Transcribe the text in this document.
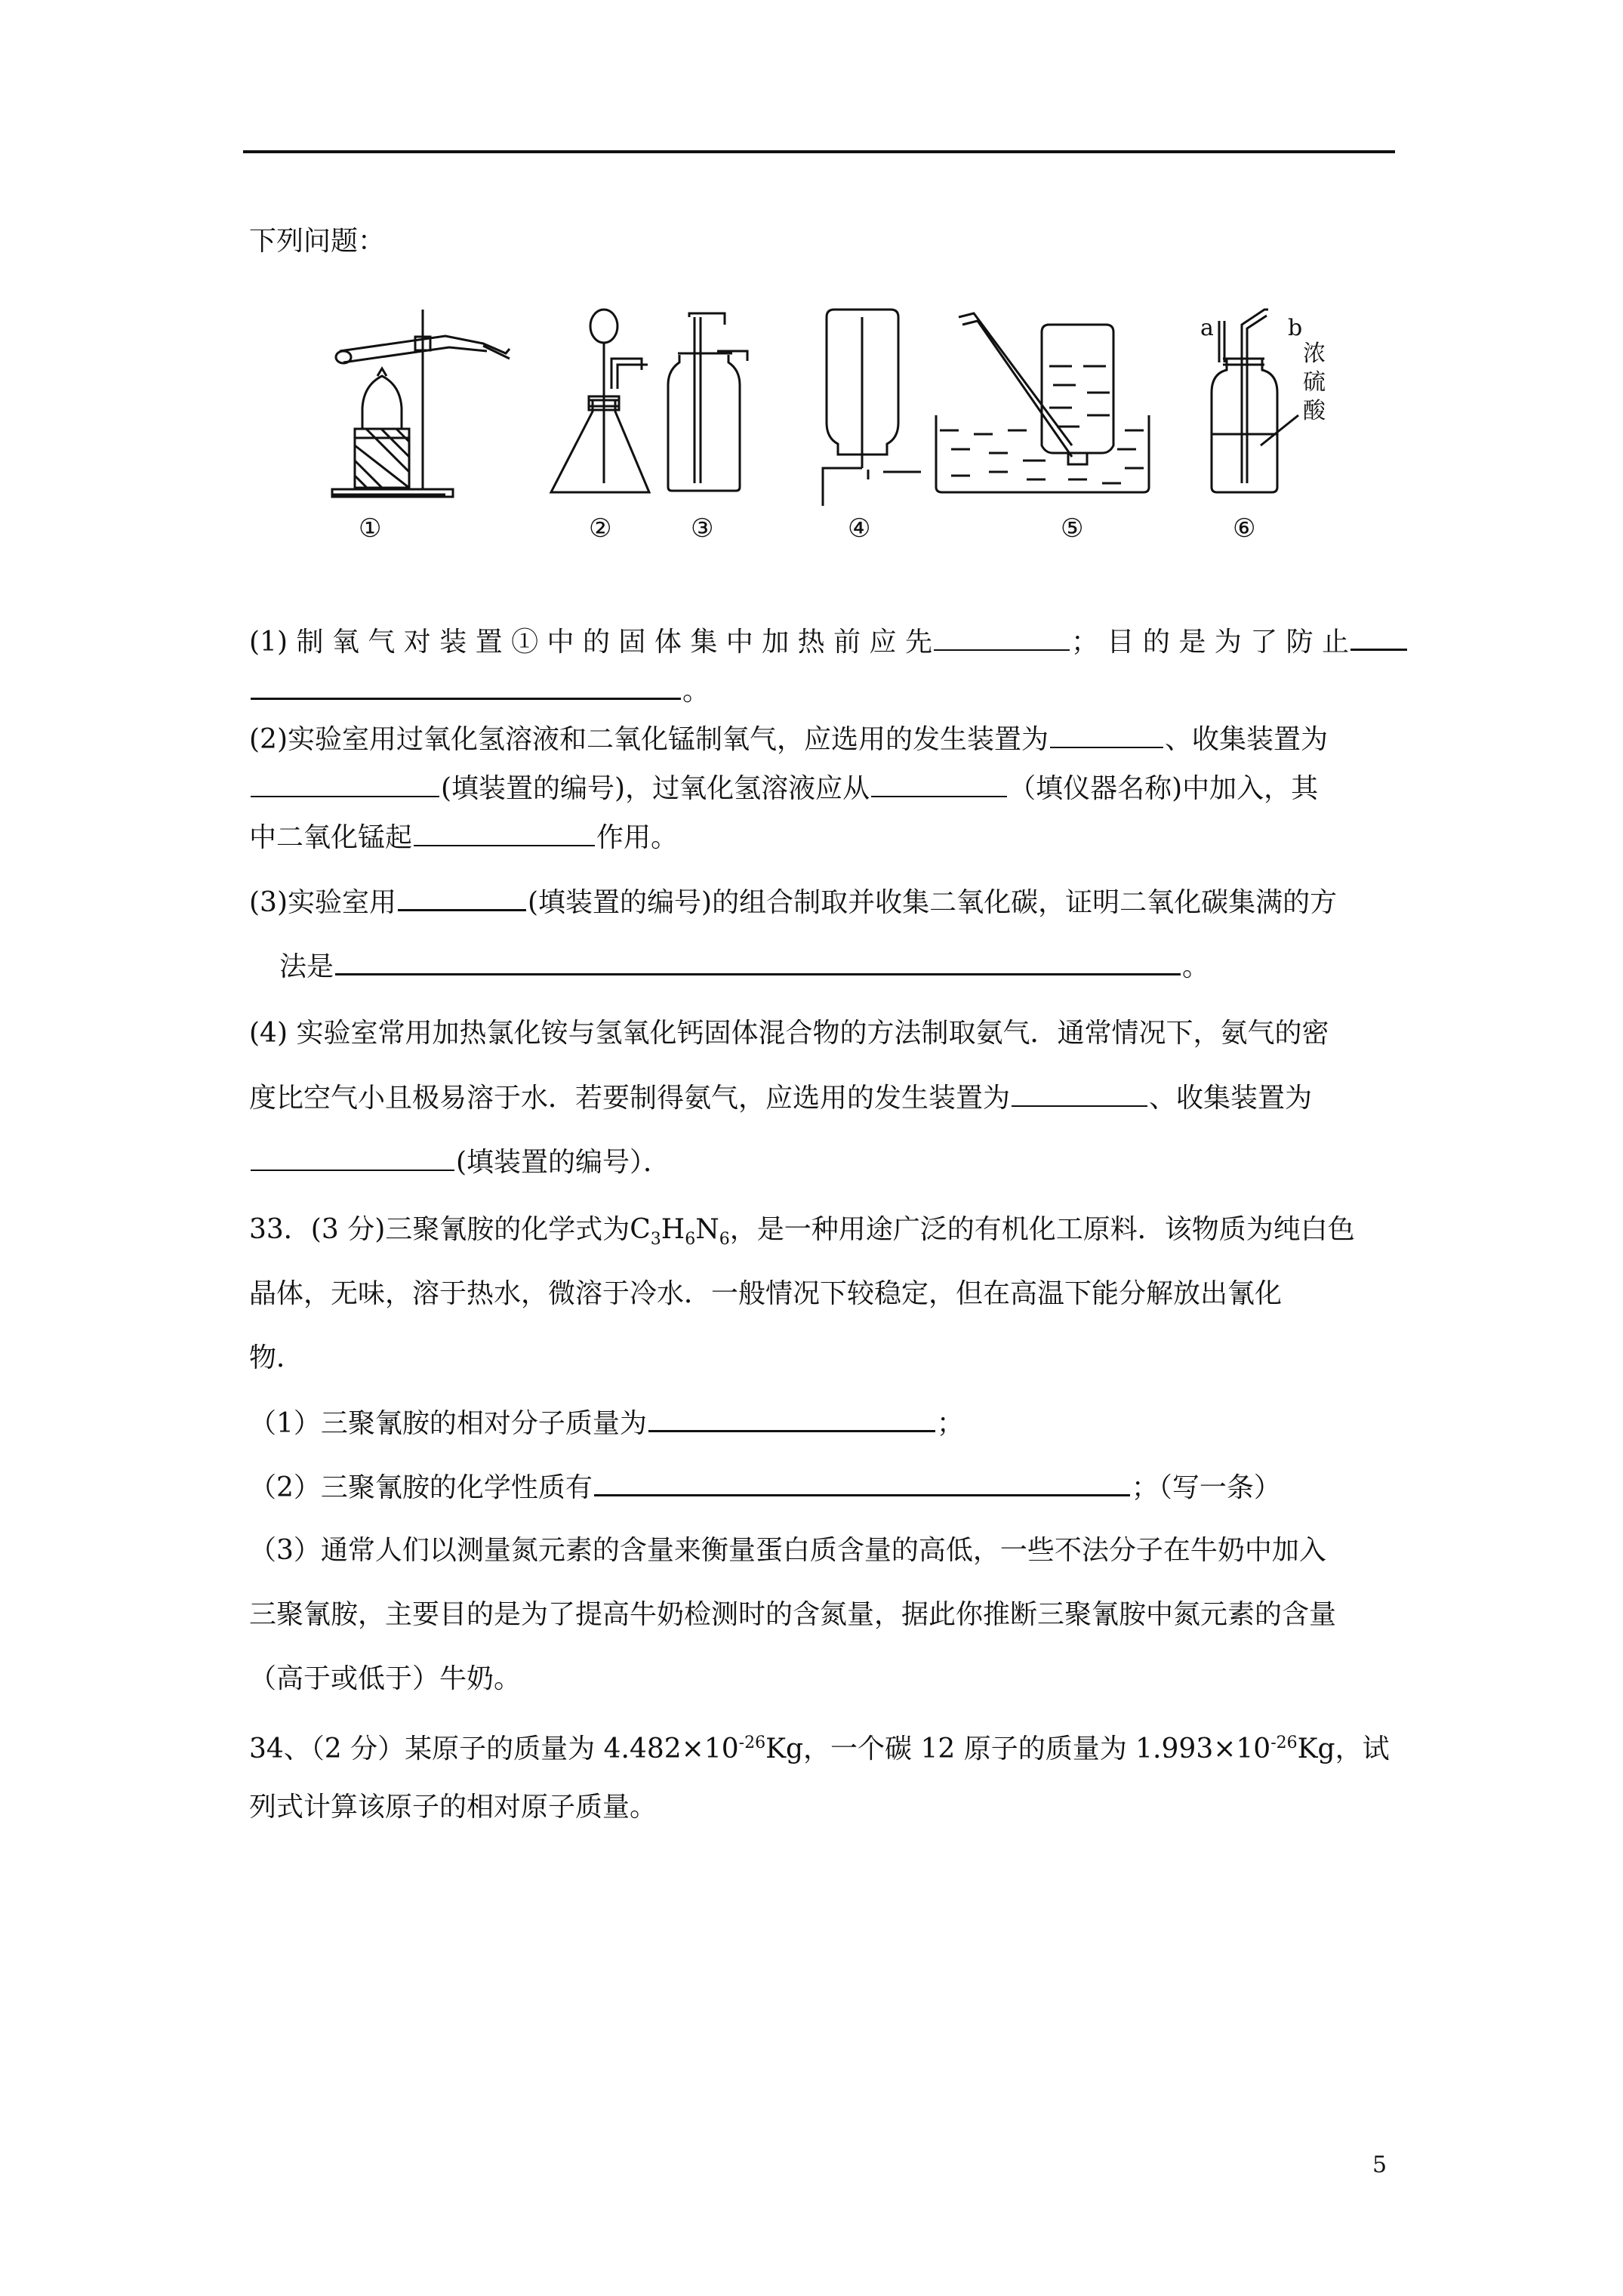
下列问题：
①	②	③	④	⑤	⑥
a	b
浓
硫
酸
(1) 制 氧 气 对 装 置 ① 中 的 固 体 集 中 加 热 前 应 先	； 目 的 是 为 了 防 止
。
(2)实验室用过氧化氢溶液和二氧化锰制氧气，应选用的发生装置为	、收集装置为
(填装置的编号)，过氧化氢溶液应从	（填仪器名称)中加入，其
中二氧化锰起	作用。
(3)实验室用	(填装置的编号)的组合制取并收集二氧化碳，证明二氧化碳集满的方
法是	。
(4) 实验室常用加热氯化铵与氢氧化钙固体混合物的方法制取氨气．通常情况下，氨气的密
度比空气小且极易溶于水．若要制得氨气，应选用的发生装置为	、收集装置为
(填装置的编号）．
33．(3 分)三聚氰胺的化学式为$C_3H_6N_6$，是一种用途广泛的有机化工原料．该物质为纯白色
晶体，无味，溶于热水，微溶于冷水．一般情况下较稳定，但在高温下能分解放出氰化
物．
（1）三聚氰胺的相对分子质量为	；
（2）三聚氰胺的化学性质有	；（写一条）
（3）通常人们以测量氮元素的含量来衡量蛋白质含量的高低，一些不法分子在牛奶中加入
三聚氰胺，主要目的是为了提高牛奶检测时的含氮量，据此你推断三聚氰胺中氮元素的含量
（高于或低于）牛奶。
34、（2 分）某原子的质量为 $4.482\times 10^{-26}Kg$，一个碳 12 原子的质量为 $1.993\times 10^{-26}Kg$，试
列式计算该原子的相对原子质量。
5
